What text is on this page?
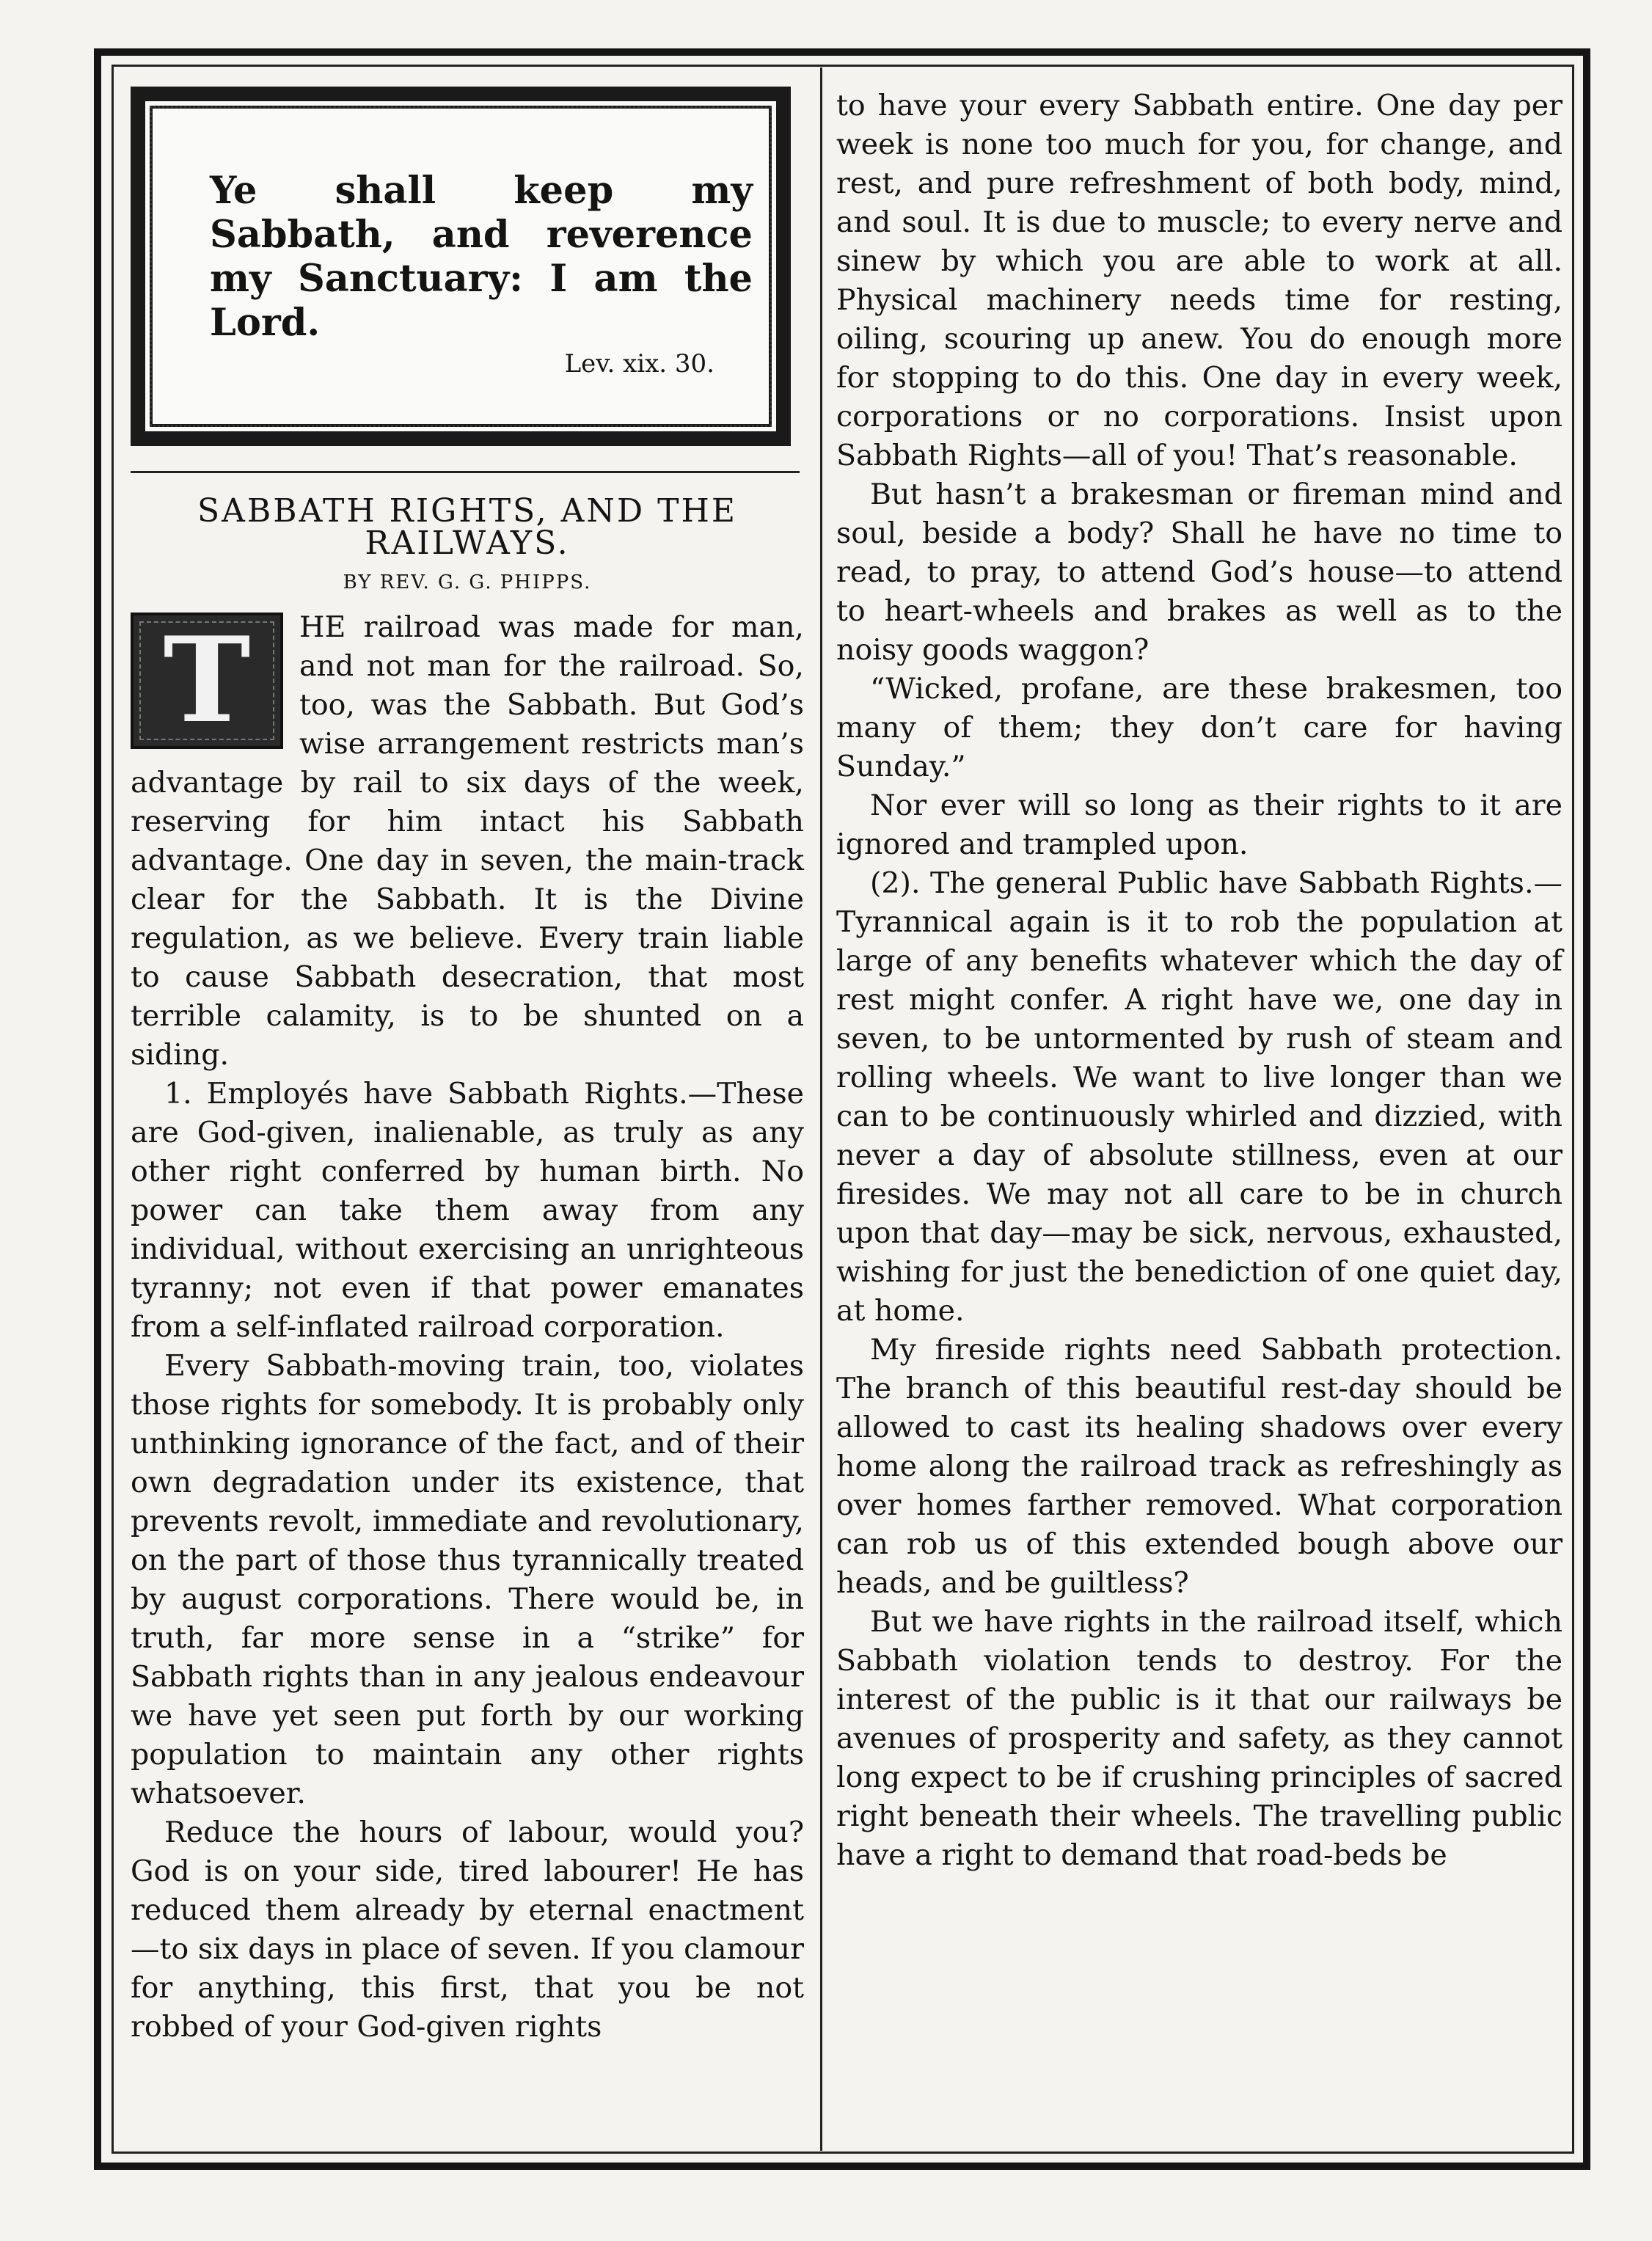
Ye shall keep my Sabbath, and reverence my Sanctuary: I am the Lord.
Lev. xix. 30.
SABBATH RIGHTS, AND THE RAILWAYS.
BY REV. G. G. PHIPPS.
T	HE railroad was made for man, and not man for the railroad. So, too, was the Sabbath. But God’s wise arrangement restricts man’s advantage by rail to six days of the week, reserving for him intact his Sabbath advantage. One day in seven, the main-track clear for the Sabbath. It is the Divine regulation, as we believe. Every train liable to cause Sabbath desecration, that most terrible calamity, is to be shunted on a siding.

1. Employés have Sabbath Rights.—These are God-given, inalienable, as truly as any other right conferred by human birth. No power can take them away from any individual, without exercising an unrighteous tyranny; not even if that power emanates from a self-inflated railroad corporation.

Every Sabbath-moving train, too, violates those rights for somebody. It is probably only unthinking ignorance of the fact, and of their own degradation under its existence, that prevents revolt, immediate and revolutionary, on the part of those thus tyrannically treated by august corporations. There would be, in truth, far more sense in a “strike” for Sabbath rights than in any jealous endeavour we have yet seen put forth by our working population to maintain any other rights whatsoever.

Reduce the hours of labour, would you? God is on your side, tired labourer! He has reduced them already by eternal enactment—to six days in place of seven. If you clamour for anything, this first, that you be not robbed of your God-given rights

to have your every Sabbath entire. One day per week is none too much for you, for change, and rest, and pure refreshment of both body, mind, and soul. It is due to muscle; to every nerve and sinew by which you are able to work at all. Physical machinery needs time for resting, oiling, scouring up anew. You do enough more for stopping to do this. One day in every week, corporations or no corporations. Insist upon Sabbath Rights—all of you! That’s reasonable.

But hasn’t a brakesman or fireman mind and soul, beside a body? Shall he have no time to read, to pray, to attend God’s house—to attend to heart-wheels and brakes as well as to the noisy goods waggon?

“Wicked, profane, are these brakesmen, too many of them; they don’t care for having Sunday.”

Nor ever will so long as their rights to it are ignored and trampled upon.

(2). The general Public have Sabbath Rights.—Tyrannical again is it to rob the population at large of any benefits whatever which the day of rest might confer. A right have we, one day in seven, to be untormented by rush of steam and rolling wheels. We want to live longer than we can to be continuously whirled and dizzied, with never a day of absolute stillness, even at our firesides. We may not all care to be in church upon that day—may be sick, nervous, exhausted, wishing for just the benediction of one quiet day, at home.

My fireside rights need Sabbath protection. The branch of this beautiful rest-day should be allowed to cast its healing shadows over every home along the railroad track as refreshingly as over homes farther removed. What corporation can rob us of this extended bough above our heads, and be guiltless?

But we have rights in the railroad itself, which Sabbath violation tends to destroy. For the interest of the public is it that our railways be avenues of prosperity and safety, as they cannot long expect to be if crushing principles of sacred right beneath their wheels. The travelling public have a right to demand that road-beds be
